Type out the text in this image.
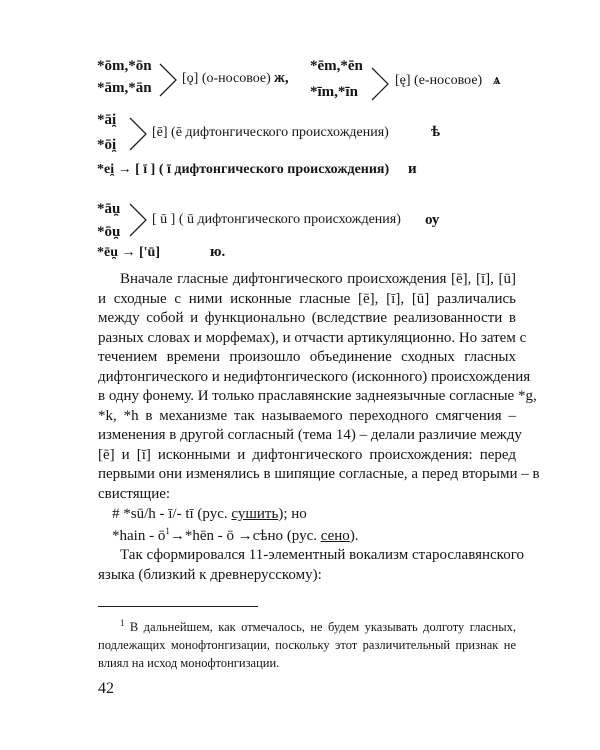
*ōm,*ōn
*ām,*ān
[ǫ] (о-носовое) ж,
*ēm,*ēn
*īm,*īn
[ę] (е-носовое) ѧ
*āi̯
*ōi̯
[ē] (ē дифтонгического происхождения)	ѣ
*ei̯ → [ ī ] ( ī дифтонгического происхождения) и
*āu̯
*ōu̯
[ ū ] ( ū дифтонгического происхождения) оу
*ēu̯ → ['ū]	ю.
Вначале гласные дифтонгического происхождения [ē], [ī], [ū]
и сходные с ними исконные гласные [ē], [ī], [ū] различались
между собой и функционально (вследствие реализованности в
разных словах и морфемах), и отчасти артикуляционно. Но затем с
течением времени произошло объединение сходных гласных
дифтонгического и недифтонгического (исконного) происхождения
в одну фонему. И только праславянские заднеязычные согласные *g,
*k, *h в механизме так называемого переходного смягчения –
изменения в другой согласный (тема 14) – делали различие между
[ē] и [ī] исконными и дифтонгического происхождения: перед
первыми они изменялись в шипящие согласные, а перед вторыми – в
свистящие:
# *sū/h - ī/- tī (рус. сушить); но
*hain - $ō^1\to*hēn$ - ō →сѣно (рус. сено).
Так сформировался 11-элементный вокализм старославянского
языка (близкий к древнерусскому):
$^1$ В дальнейшем, как отмечалось, не будем указывать долготу гласных,
подлежащих монофтонгизации, поскольку этот различительный признак не
влиял на исход монофтонгизации.
42
